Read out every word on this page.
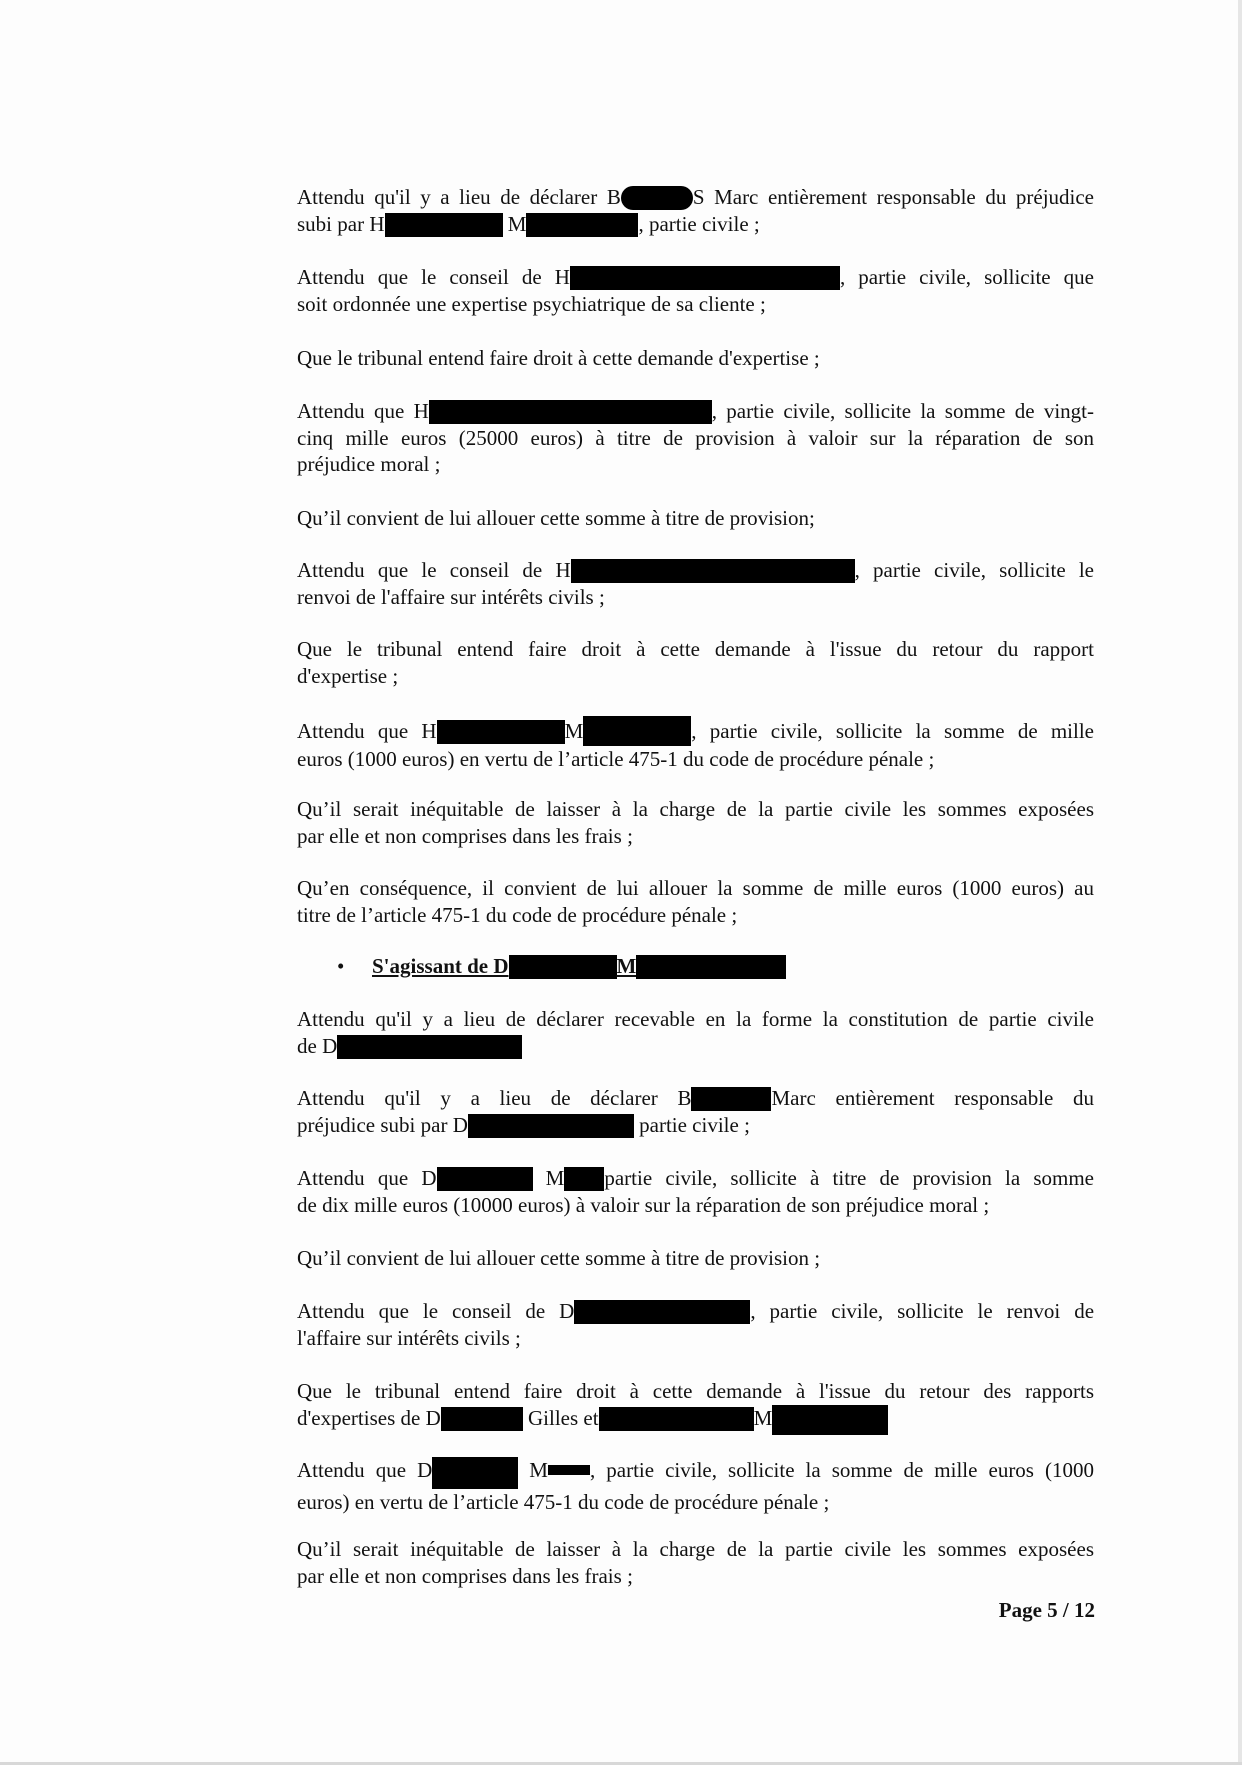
Attendu qu'il y a lieu de déclarer B	S Marc entièrement responsable du préjudice
subi par H	M	, partie civile ;
Attendu que le conseil de H	, partie civile, sollicite que
soit ordonnée une expertise psychiatrique de sa cliente ;
Que le tribunal entend faire droit à cette demande d'expertise ;
Attendu que H	, partie civile, sollicite la somme de vingt-
cinq mille euros (25000 euros) à titre de provision à valoir sur la réparation de son
préjudice moral ;
Qu’il convient de lui allouer cette somme à titre de provision;
Attendu que le conseil de H	, partie civile, sollicite le
renvoi de l'affaire sur intérêts civils ;
Que le tribunal entend faire droit à cette demande à l'issue du retour du rapport
d'expertise ;
Attendu que H	M	, partie civile, sollicite la somme de mille
euros (1000 euros) en vertu de l’article 475-1 du code de procédure pénale ;
Qu’il serait inéquitable de laisser à la charge de la partie civile les sommes exposées
par elle et non comprises dans les frais ;
Qu’en conséquence, il convient de lui allouer la somme de mille euros (1000 euros) au
titre de l’article 475-1 du code de procédure pénale ;
• S'agissant de D	M
Attendu qu'il y a lieu de déclarer recevable en la forme la constitution de partie civile
de D
Attendu qu'il y a lieu de déclarer B	Marc entièrement responsable du
préjudice subi par D	partie civile ;
Attendu que D	M partie civile, sollicite à titre de provision la somme
de dix mille euros (10000 euros) à valoir sur la réparation de son préjudice moral ;
Qu’il convient de lui allouer cette somme à titre de provision ;
Attendu que le conseil de D	, partie civile, sollicite le renvoi de
l'affaire sur intérêts civils ;
Que le tribunal entend faire droit à cette demande à l'issue du retour des rapports
d'expertises de D	Gilles et	M
Attendu que D	M , partie civile, sollicite la somme de mille euros (1000
euros) en vertu de l’article 475-1 du code de procédure pénale ;
Qu’il serait inéquitable de laisser à la charge de la partie civile les sommes exposées
par elle et non comprises dans les frais ;
Page 5 / 12
